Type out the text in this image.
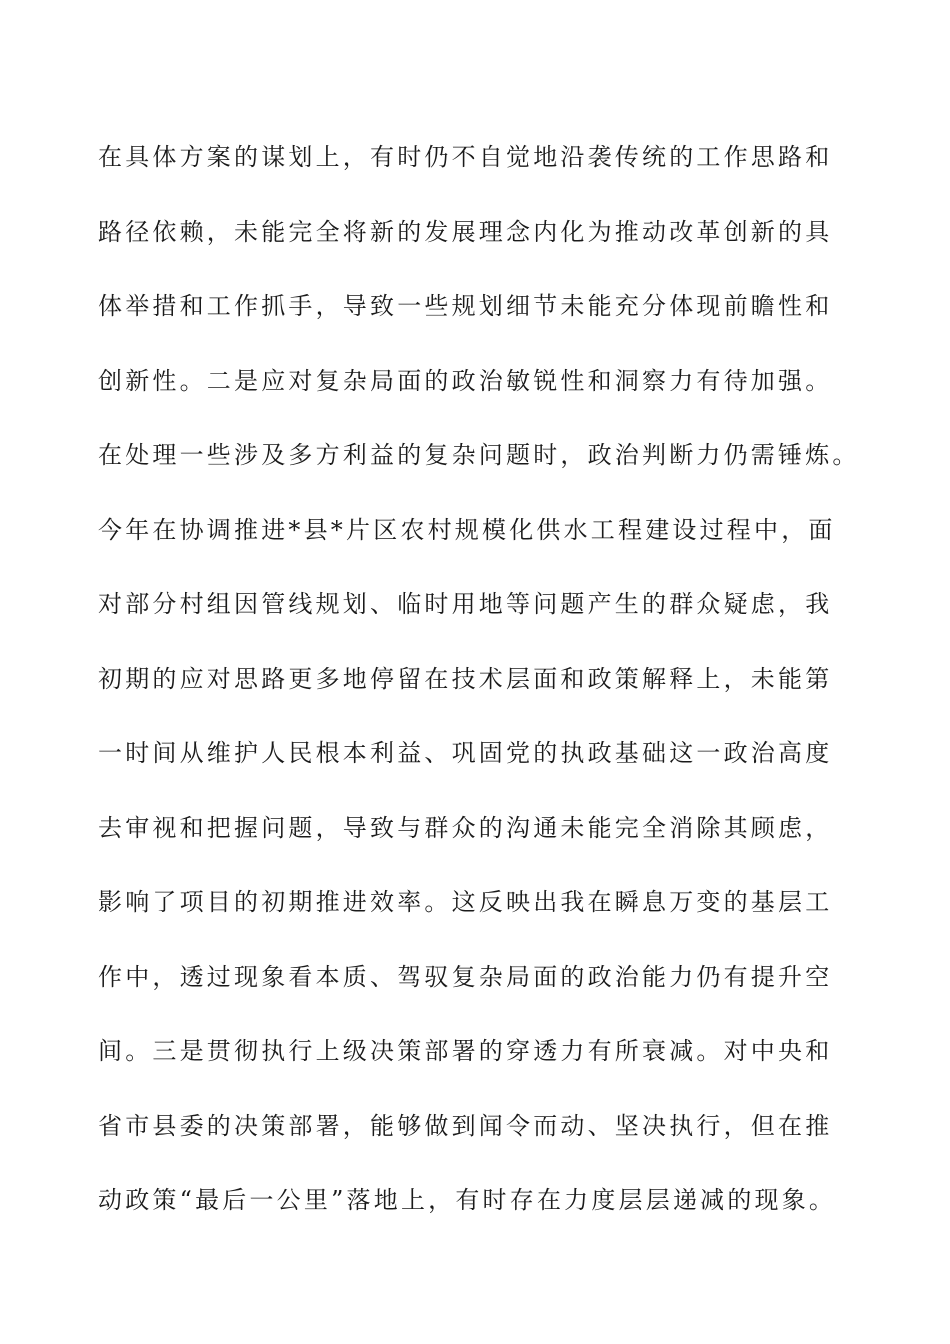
在具体方案的谋划上，有时仍不自觉地沿袭传统的工作思路和
路径依赖，未能完全将新的发展理念内化为推动改革创新的具
体举措和工作抓手，导致一些规划细节未能充分体现前瞻性和
创新性。二是应对复杂局面的政治敏锐性和洞察力有待加强。
在处理一些涉及多方利益的复杂问题时，政治判断力仍需锤炼。
今年在协调推进*县*片区农村规模化供水工程建设过程中，面
对部分村组因管线规划、临时用地等问题产生的群众疑虑，我
初期的应对思路更多地停留在技术层面和政策解释上，未能第
一时间从维护人民根本利益、巩固党的执政基础这一政治高度
去审视和把握问题，导致与群众的沟通未能完全消除其顾虑，
影响了项目的初期推进效率。这反映出我在瞬息万变的基层工
作中，透过现象看本质、驾驭复杂局面的政治能力仍有提升空
间。三是贯彻执行上级决策部署的穿透力有所衰减。对中央和
省市县委的决策部署，能够做到闻令而动、坚决执行，但在推
动政策“最后一公里”落地上，有时存在力度层层递减的现象。
